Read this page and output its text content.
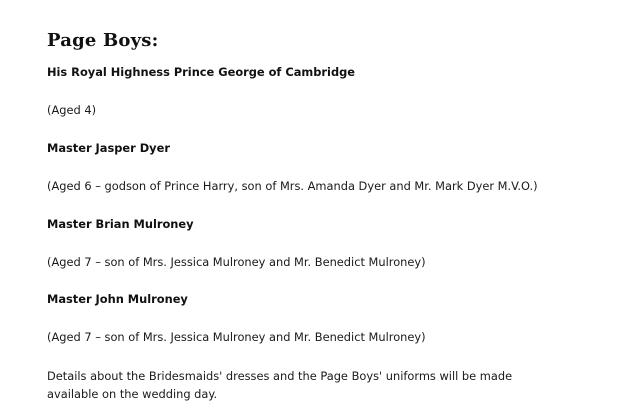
Page Boys:
His Royal Highness Prince George of Cambridge
(Aged 4)
Master Jasper Dyer
(Aged 6 – godson of Prince Harry, son of Mrs. Amanda Dyer and Mr. Mark Dyer M.V.O.)
Master Brian Mulroney
(Aged 7 – son of Mrs. Jessica Mulroney and Mr. Benedict Mulroney)
Master John Mulroney
(Aged 7 – son of Mrs. Jessica Mulroney and Mr. Benedict Mulroney)
Details about the Bridesmaids' dresses and the Page Boys' uniforms will be made available on the wedding day.
